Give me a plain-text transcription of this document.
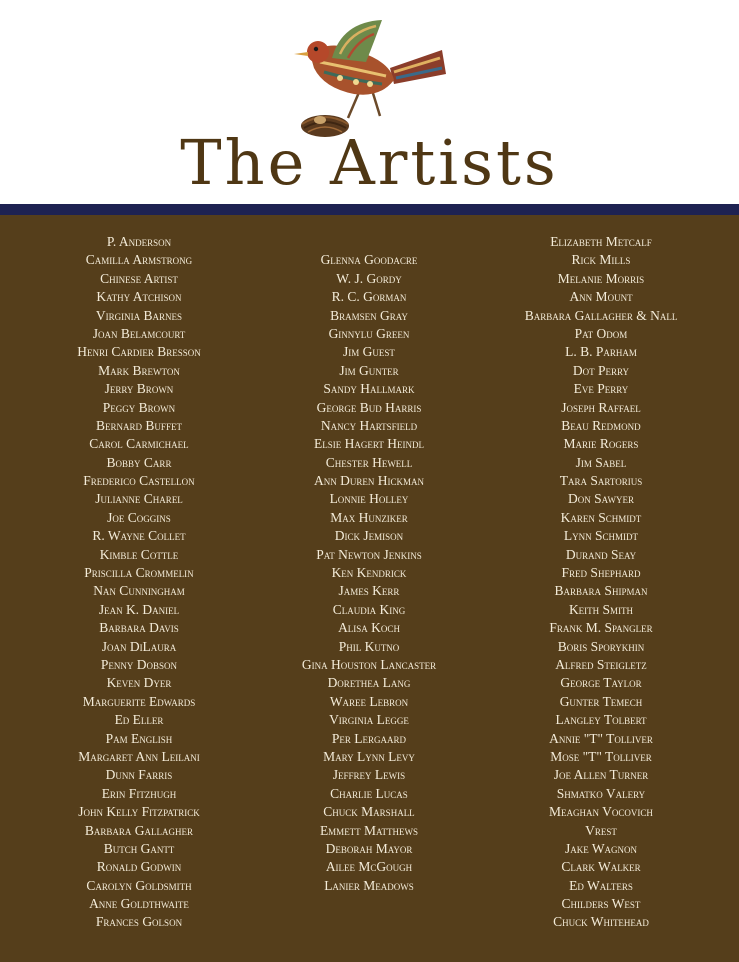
The Artists
P. Anderson
Camilla Armstrong
Chinese Artist
Kathy Atchison
Virginia Barnes
Joan Belamcourt
Henri Cardier Bresson
Mark Brewton
Jerry Brown
Peggy Brown
Bernard Buffet
Carol Carmichael
Bobby Carr
Frederico Castellon
Julianne Charel
Joe Coggins
R. Wayne Collet
Kimble Cottle
Priscilla Crommelin
Nan Cunningham
Jean K. Daniel
Barbara Davis
Joan DiLaura
Penny Dobson
Keven Dyer
Marguerite Edwards
Ed Eller
Pam English
Margaret Ann Leilani
Dunn Farris
Erin Fitzhugh
John Kelly Fitzpatrick
Barbara Gallagher
Butch Gantt
Ronald Godwin
Carolyn Goldsmith
Anne Goldthwaite
Frances Golson
Glenna Goodacre
W. J. Gordy
R. C. Gorman
Bramsen Gray
Ginnylu Green
Jim Guest
Jim Gunter
Sandy Hallmark
George Bud Harris
Nancy Hartsfield
Elsie Hagert Heindl
Chester Hewell
Ann Duren Hickman
Lonnie Holley
Max Hunziker
Dick Jemison
Pat Newton Jenkins
Ken Kendrick
James Kerr
Claudia King
Alisa Koch
Phil Kutno
Gina Houston Lancaster
Dorethea Lang
Waree Lebron
Virginia Legge
Per Lergaard
Mary Lynn Levy
Jeffrey Lewis
Charlie Lucas
Chuck Marshall
Emmett Matthews
Deborah Mayor
Ailee McGough
Lanier Meadows
Elizabeth Metcalf
Rick Mills
Melanie Morris
Ann Mount
Barbara Gallagher & Nall
Pat Odom
L. B. Parham
Dot Perry
Eve Perry
Joseph Raffael
Beau Redmond
Marie Rogers
Jim Sabel
Tara Sartorius
Don Sawyer
Karen Schmidt
Lynn Schmidt
Durand Seay
Fred Shephard
Barbara Shipman
Keith Smith
Frank M. Spangler
Boris Sporykhin
Alfred Steigletz
George Taylor
Gunter Temech
Langley Tolbert
Annie "T" Tolliver
Mose "T" Tolliver
Joe Allen Turner
Shmatko Valery
Meaghan Vocovich
Vrest
Jake Wagnon
Clark Walker
Ed Walters
Childers West
Chuck Whitehead
